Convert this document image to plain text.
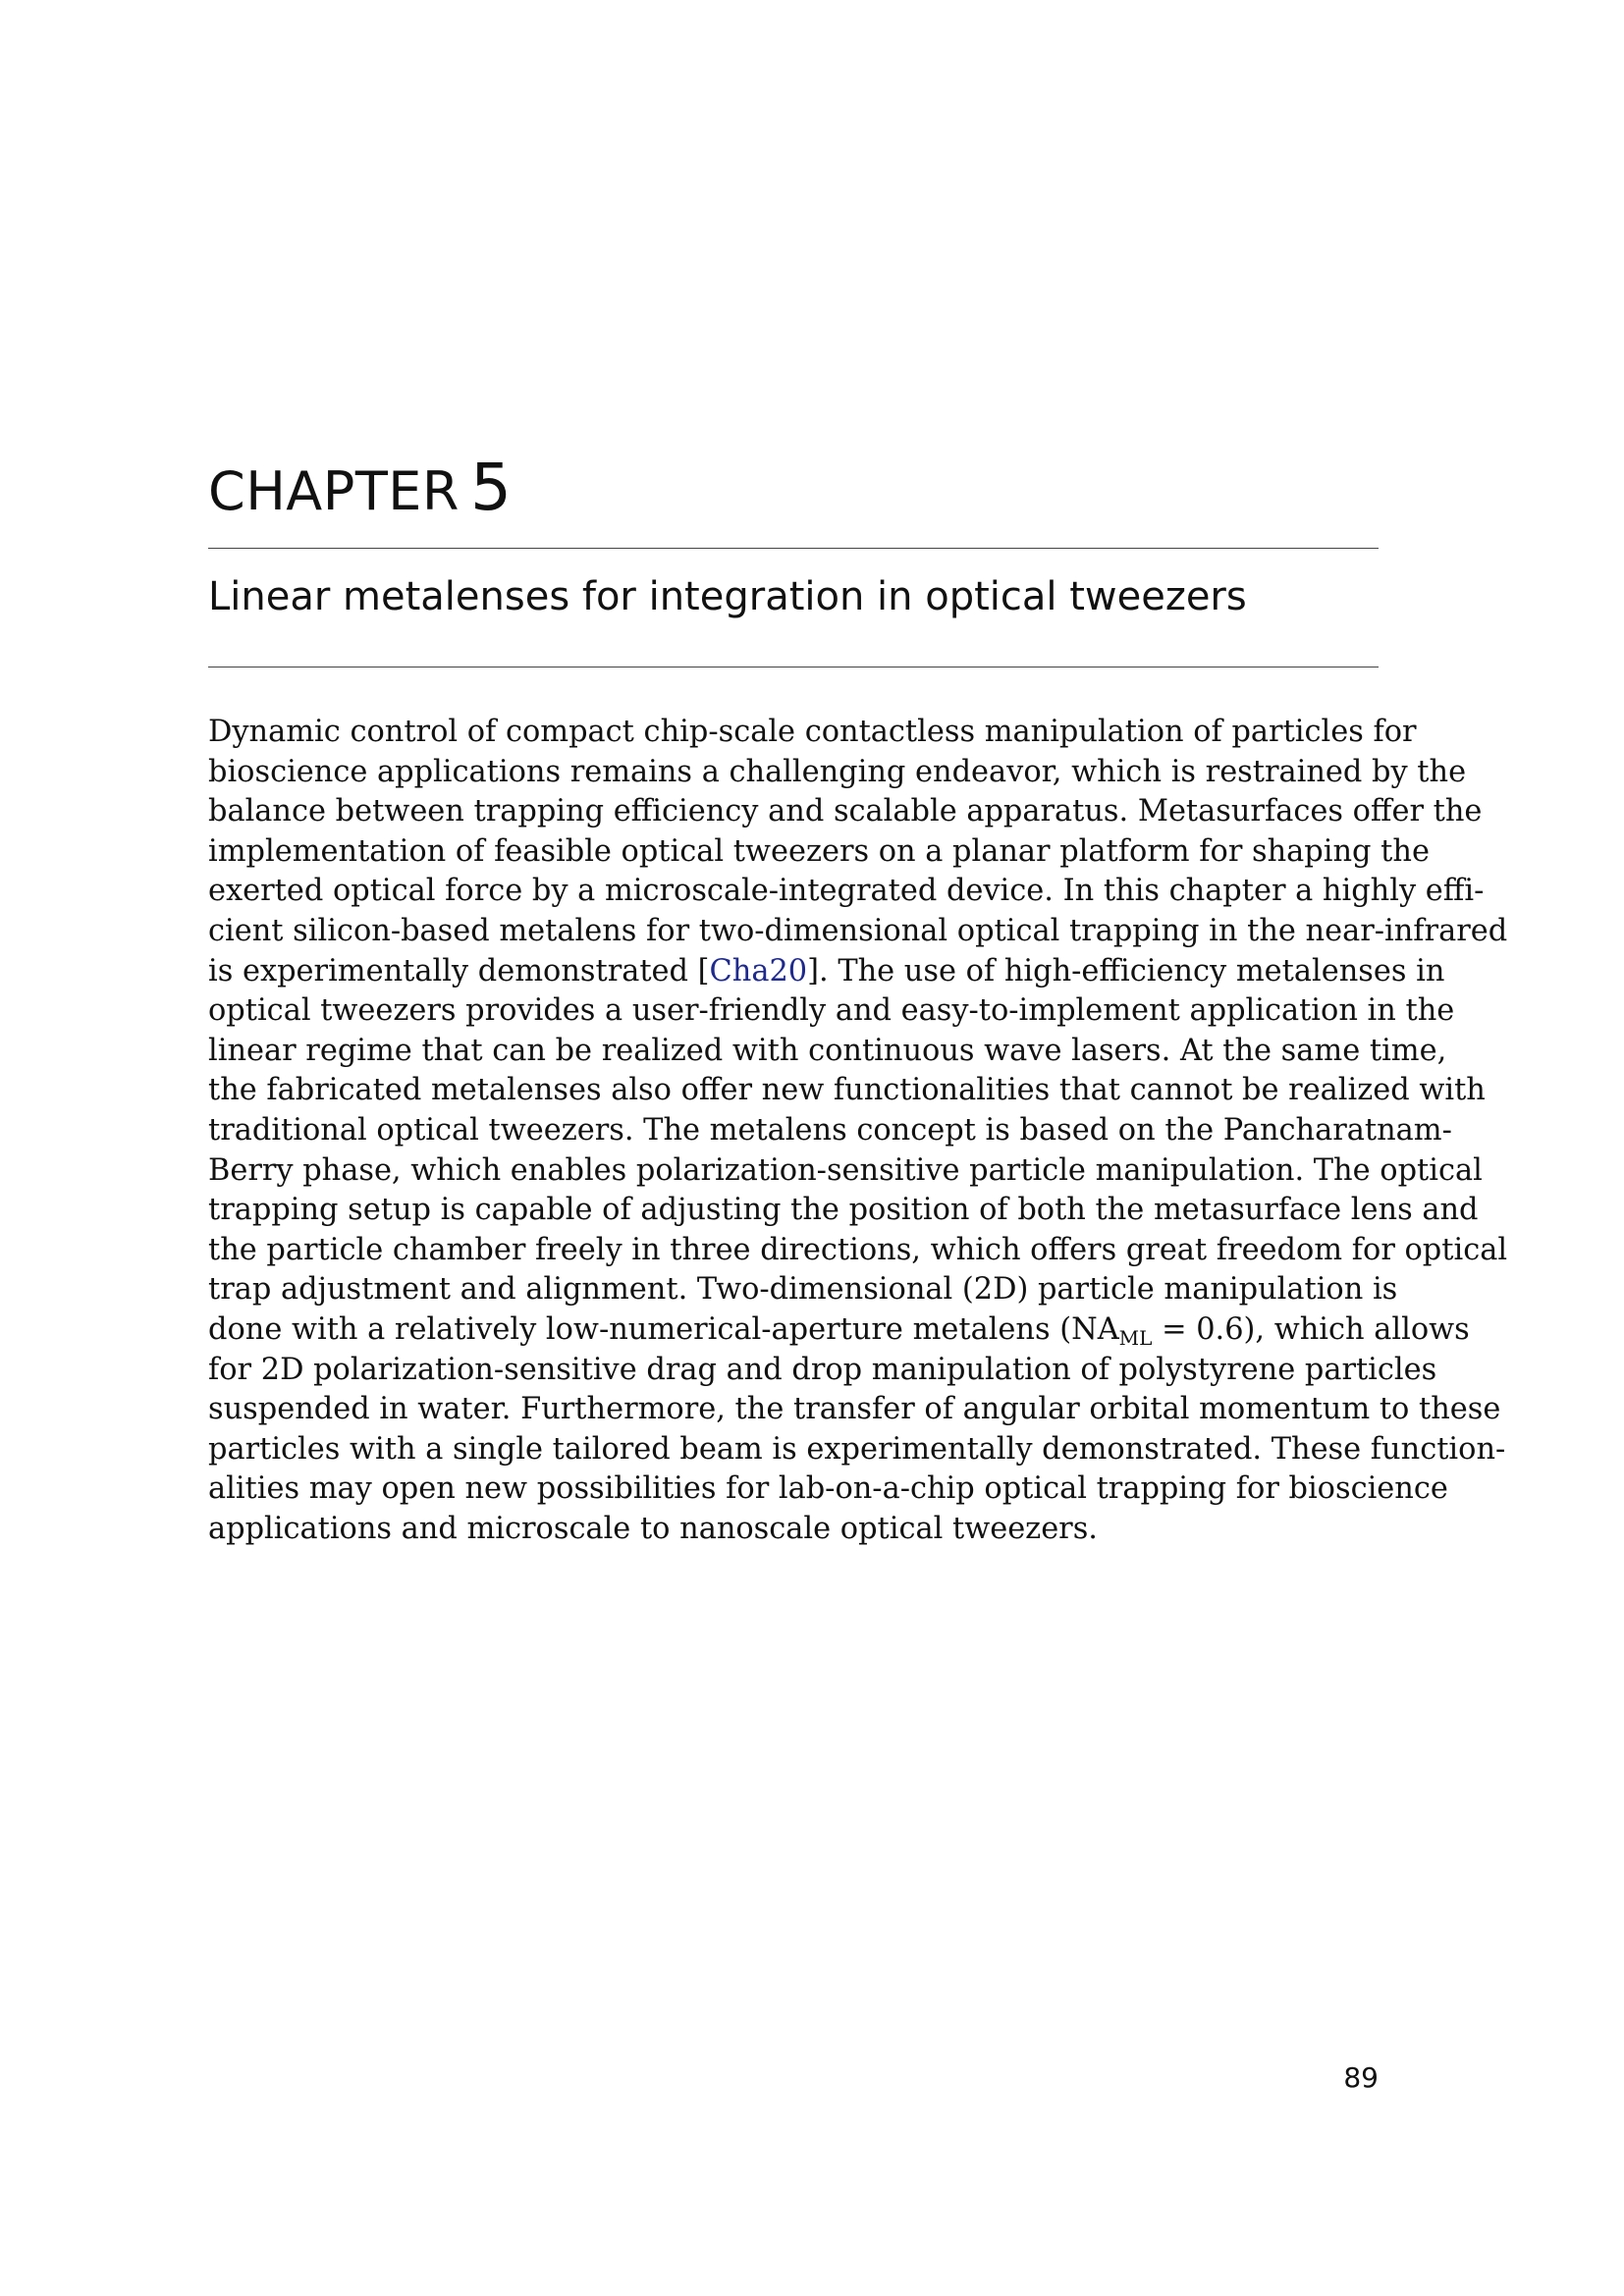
CHAPTER 5
Linear metalenses for integration in optical tweezers
Dynamic control of compact chip-scale contactless manipulation of particles for
bioscience applications remains a challenging endeavor, which is restrained by the
balance between trapping efficiency and scalable apparatus. Metasurfaces offer the
implementation of feasible optical tweezers on a planar platform for shaping the
exerted optical force by a microscale-integrated device. In this chapter a highly effi-
cient silicon-based metalens for two-dimensional optical trapping in the near-infrared
is experimentally demonstrated [Cha20]. The use of high-efficiency metalenses in
optical tweezers provides a user-friendly and easy-to-implement application in the
linear regime that can be realized with continuous wave lasers. At the same time,
the fabricated metalenses also offer new functionalities that cannot be realized with
traditional optical tweezers. The metalens concept is based on the Pancharatnam-
Berry phase, which enables polarization-sensitive particle manipulation. The optical
trapping setup is capable of adjusting the position of both the metasurface lens and
the particle chamber freely in three directions, which offers great freedom for optical
trap adjustment and alignment. Two-dimensional (2D) particle manipulation is
done with a relatively low-numerical-aperture metalens $(NA_{ML} = 0.6)$, which allows
for 2D polarization-sensitive drag and drop manipulation of polystyrene particles
suspended in water. Furthermore, the transfer of angular orbital momentum to these
particles with a single tailored beam is experimentally demonstrated. These function-
alities may open new possibilities for lab-on-a-chip optical trapping for bioscience
applications and microscale to nanoscale optical tweezers.
89
